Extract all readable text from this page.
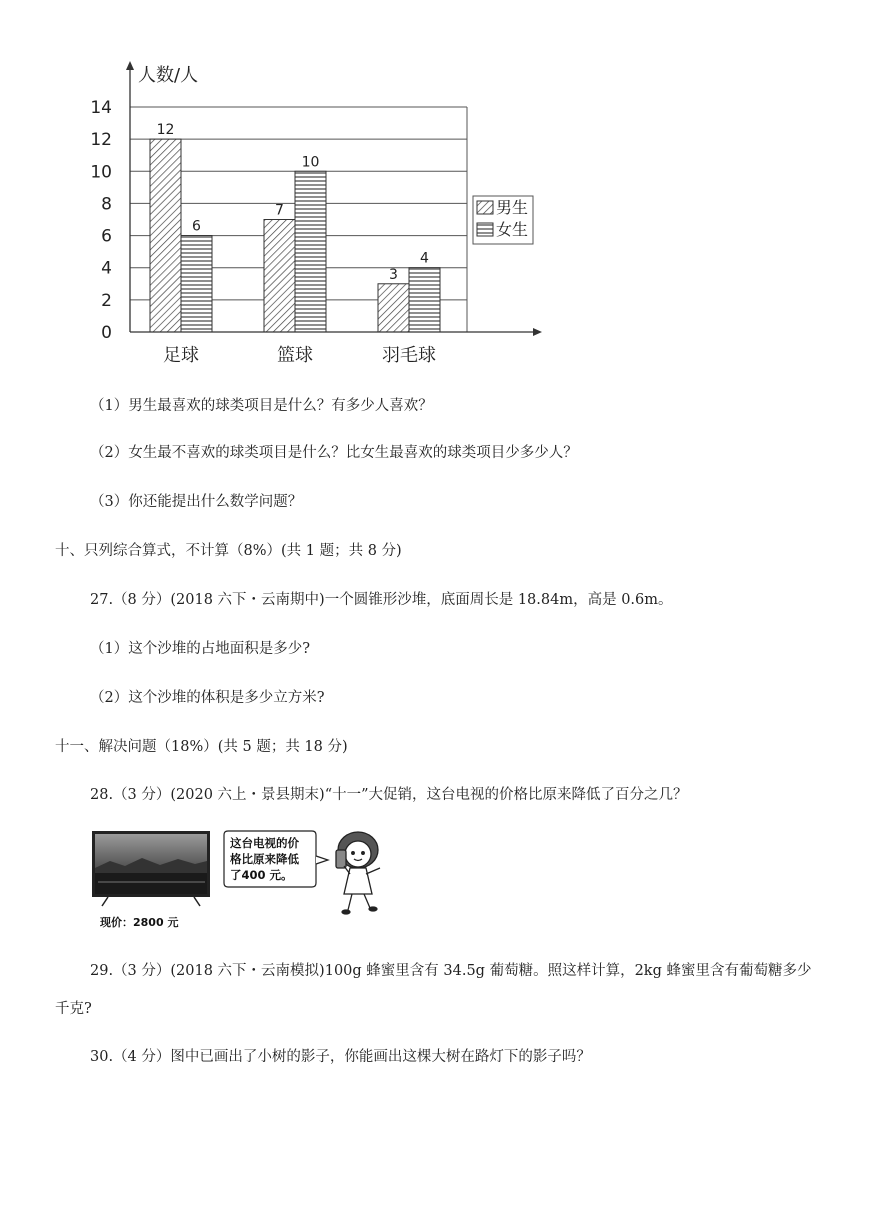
人数/人
0
2
4
6
8
10
12
14
12
6
7
10
3
4
足球	篮球	羽毛球
男生
女生
（1）男生最喜欢的球类项目是什么？有多少人喜欢？
（2）女生最不喜欢的球类项目是什么？比女生最喜欢的球类项目少多少人？
（3）你还能提出什么数学问题？
十、只列综合算式，不计算（8%）(共 1 题；共 8 分)
27.（8 分）(2018 六下・云南期中)一个圆锥形沙堆，底面周长是 18.84m，高是 0.6m。
（1）这个沙堆的占地面积是多少?
（2）这个沙堆的体积是多少立方米?
十一、解决问题（18%）(共 5 题；共 18 分)
28.（3 分）(2020 六上・景县期末)“十一”大促销，这台电视的价格比原来降低了百分之几？
现价：2800 元
这台电视的价
格比原来降低
了400 元。
29.（3 分）(2018 六下・云南模拟)100g 蜂蜜里含有 34.5g 葡萄糖。照这样计算，2kg 蜂蜜里含有葡萄糖多少
千克?
30.（4 分）图中已画出了小树的影子，你能画出这棵大树在路灯下的影子吗？
